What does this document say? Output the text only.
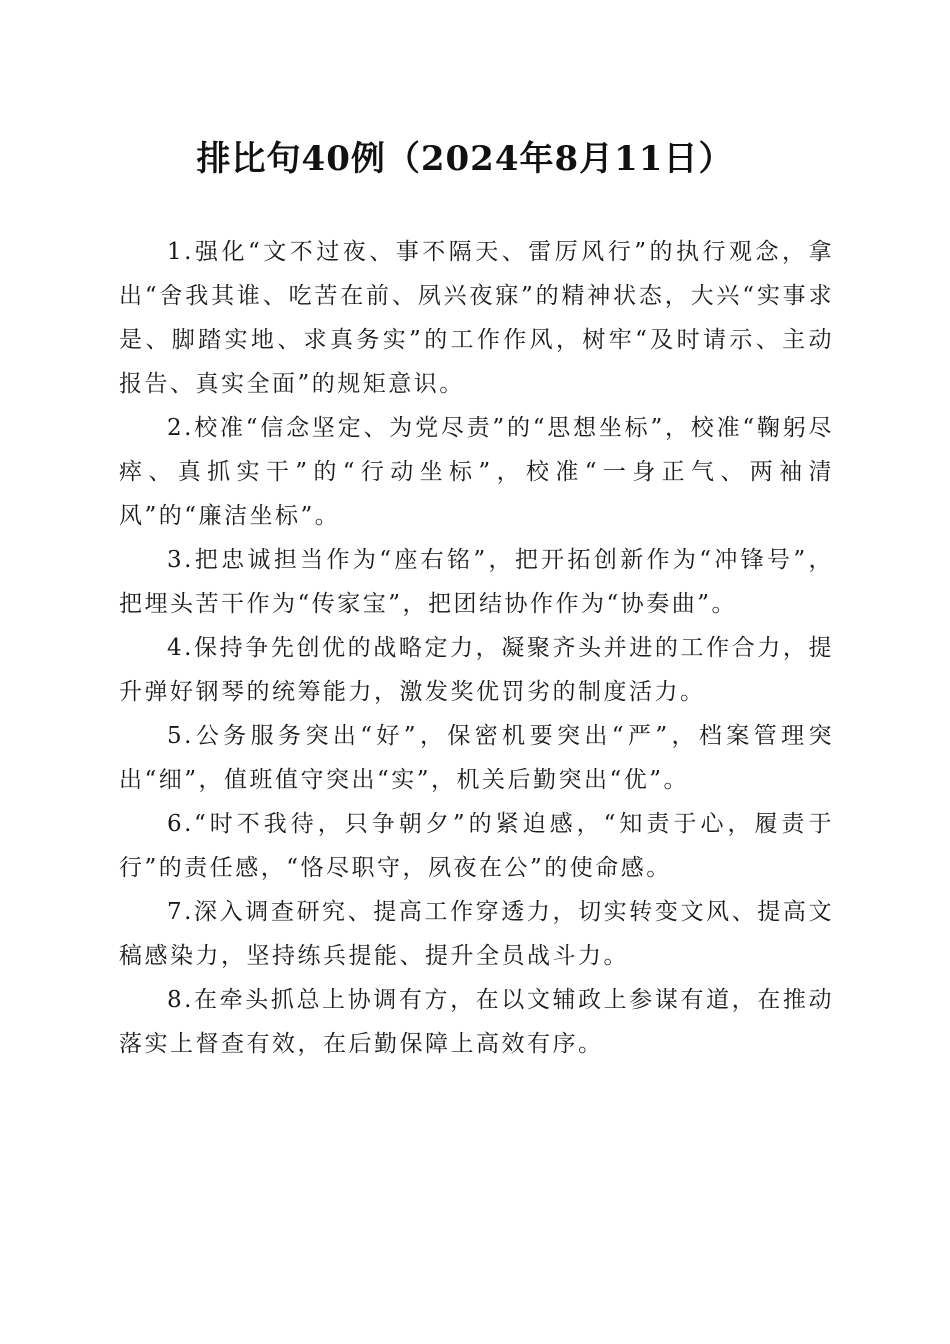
排比句40例（2024年8月11日）

1.强化“文不过夜、事不隔天、雷厉风行”的执行观念，拿出“舍我其谁、吃苦在前、夙兴夜寐”的精神状态，大兴“实事求是、脚踏实地、求真务实”的工作作风，树牢“及时请示、主动报告、真实全面”的规矩意识。

2.校准“信念坚定、为党尽责”的“思想坐标”，校准“鞠躬尽瘁、真抓实干”的“行动坐标”，校准“一身正气、两袖清风”的“廉洁坐标”。

3.把忠诚担当作为“座右铭”，把开拓创新作为“冲锋号”，把埋头苦干作为“传家宝”，把团结协作作为“协奏曲”。

4.保持争先创优的战略定力，凝聚齐头并进的工作合力，提升弹好钢琴的统筹能力，激发奖优罚劣的制度活力。

5.公务服务突出“好”，保密机要突出“严”，档案管理突出“细”，值班值守突出“实”，机关后勤突出“优”。

6.“时不我待，只争朝夕”的紧迫感，“知责于心，履责于行”的责任感，“恪尽职守，夙夜在公”的使命感。

7.深入调查研究、提高工作穿透力，切实转变文风、提高文稿感染力，坚持练兵提能、提升全员战斗力。

8.在牵头抓总上协调有方，在以文辅政上参谋有道，在推动落实上督查有效，在后勤保障上高效有序。
